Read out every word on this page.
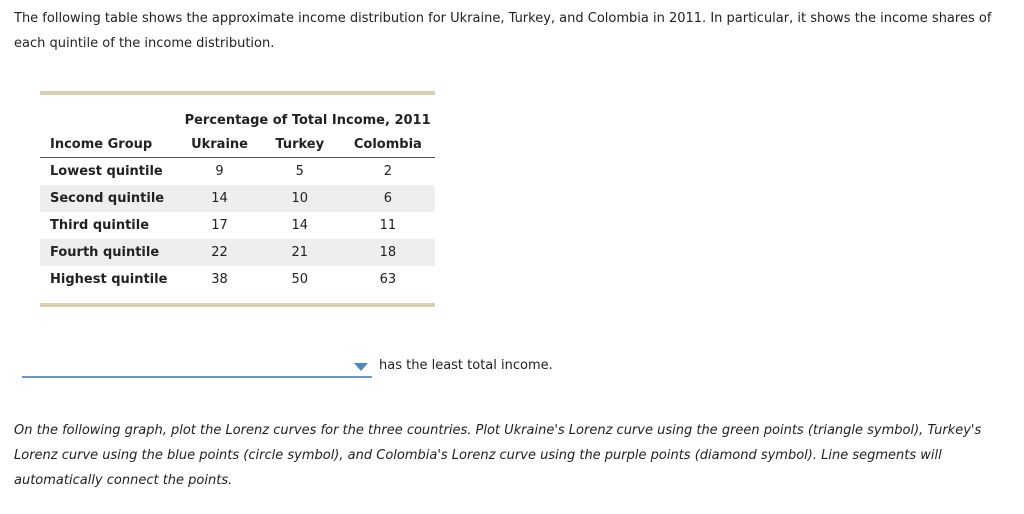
The following table shows the approximate income distribution for Ukraine, Turkey, and Colombia in 2011. In particular, it shows the income shares of each quintile of the income distribution.

	Percentage of Total Income, 2011		
Income Group	Ukraine	Turkey	Colombia
Lowest quintile	9	5	2
Second quintile	14	10	6
Third quintile	17	14	11
Fourth quintile	22	21	18
Highest quintile	38	50	63
has the least total income.

On the following graph, plot the Lorenz curves for the three countries. Plot Ukraine's Lorenz curve using the green points (triangle symbol), Turkey's Lorenz curve using the blue points (circle symbol), and Colombia's Lorenz curve using the purple points (diamond symbol). Line segments will automatically connect the points.
